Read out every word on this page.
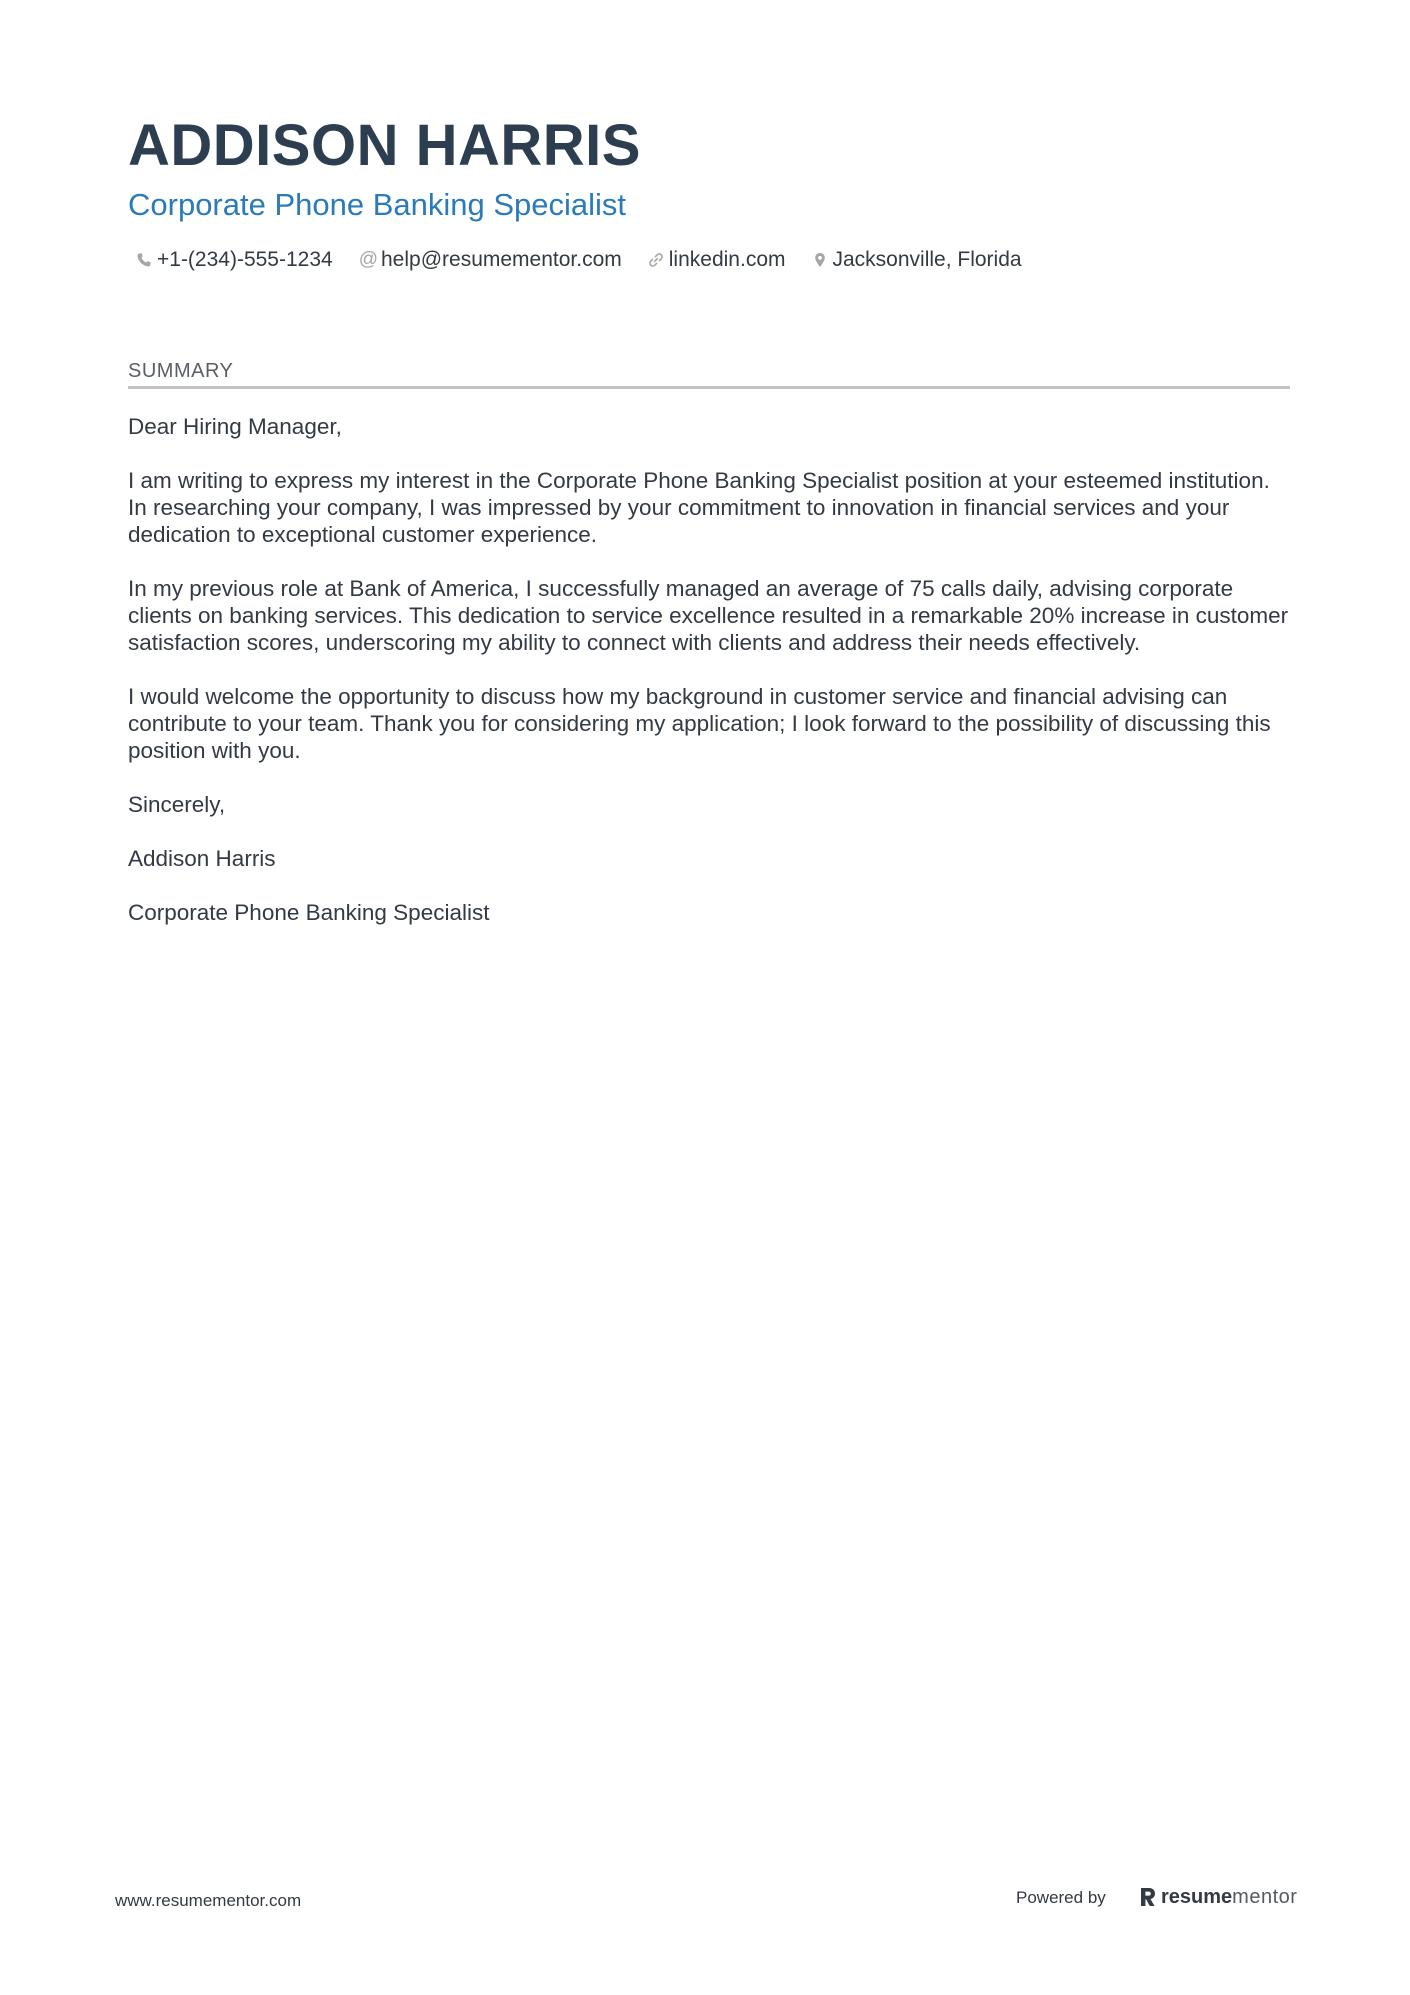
ADDISON HARRIS
Corporate Phone Banking Specialist
+1-(234)-555-1234 @ help@resumementor.com linkedin.com Jacksonville, Florida
SUMMARY

Dear Hiring Manager,

I am writing to express my interest in the Corporate Phone Banking Specialist position at your esteemed institution. In researching your company, I was impressed by your commitment to innovation in financial services and your dedication to exceptional customer experience.

In my previous role at Bank of America, I successfully managed an average of 75 calls daily, advising corporate clients on banking services. This dedication to service excellence resulted in a remarkable 20% increase in customer satisfaction scores, underscoring my ability to connect with clients and address their needs effectively.

I would welcome the opportunity to discuss how my background in customer service and financial advising can contribute to your team. Thank you for considering my application; I look forward to the possibility of discussing this position with you.

Sincerely,

Addison Harris

Corporate Phone Banking Specialist

www.resumementor.com	Powered by	resumementor
